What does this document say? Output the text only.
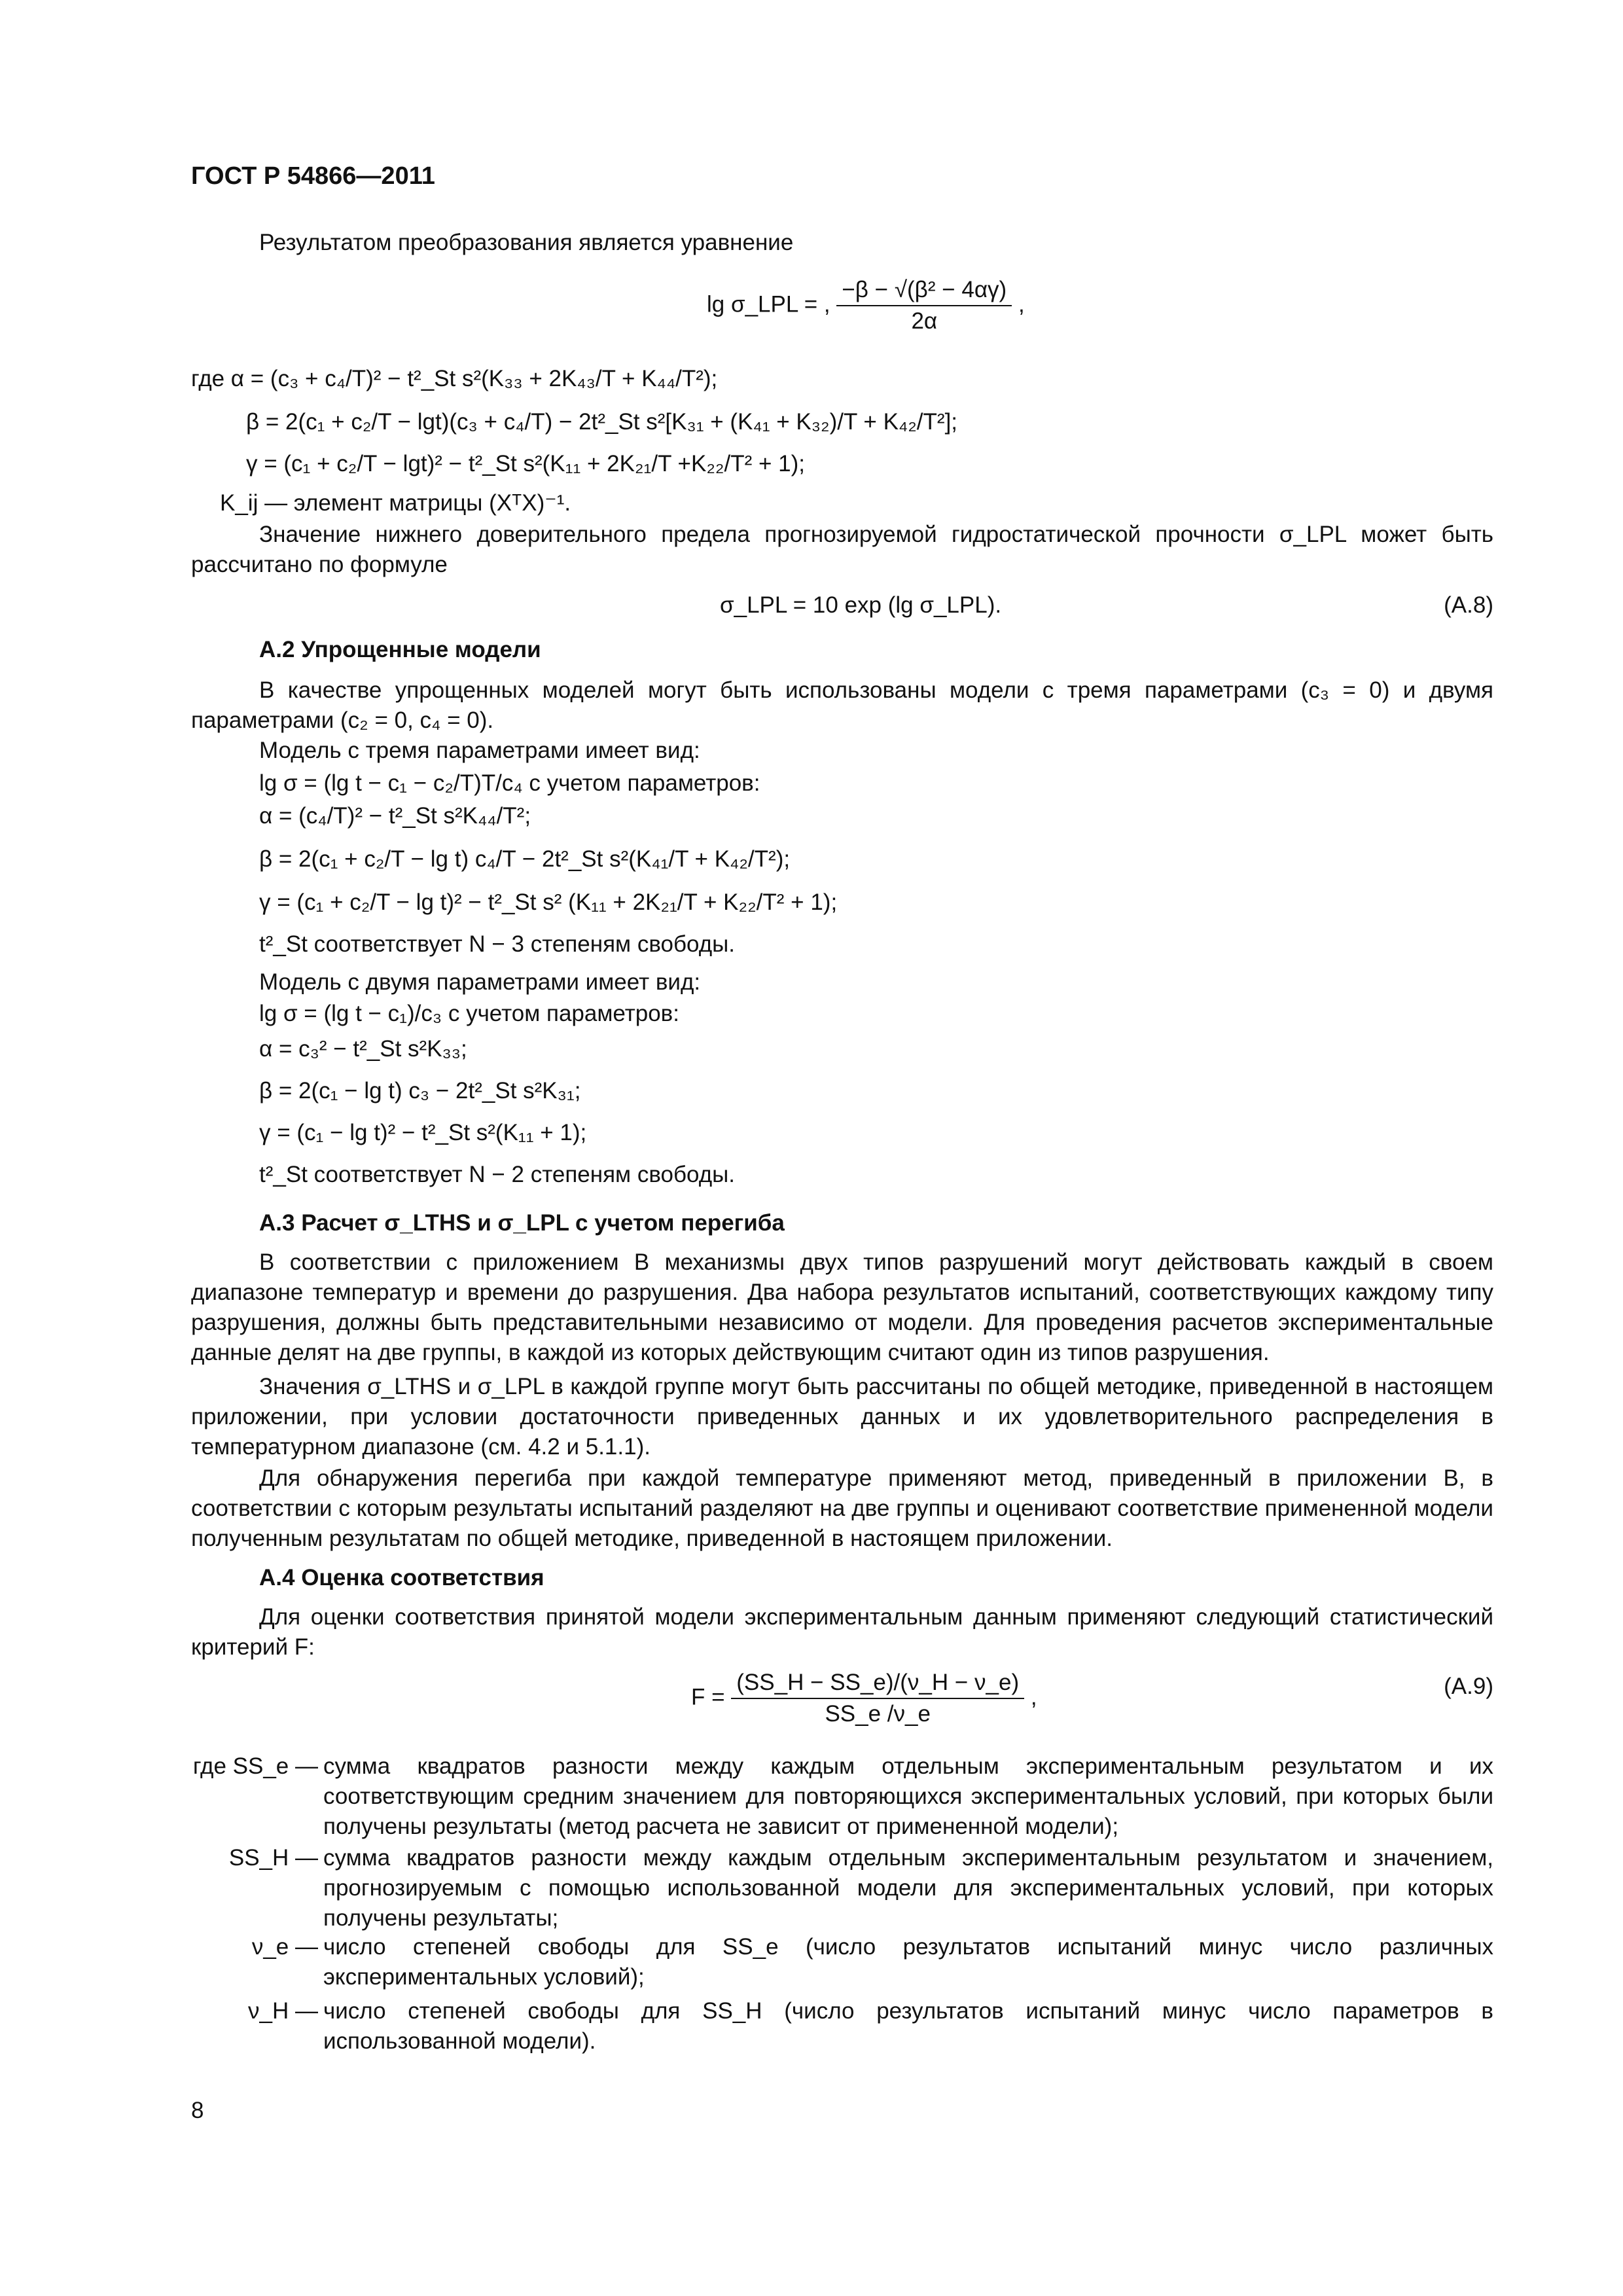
ГОСТ Р 54866—2011
Результатом преобразования является уравнение
lg σ_LPL = , $\frac{\text{−β − √(β² − 4αγ)}}{2\alpha}$ ,
где α = (c₃ + c₄/T)² − t²_St s²(K₃₃ + 2K₄₃/T + K₄₄/T²);
β = 2(c₁ + c₂/T − lgt)(c₃ + c₄/T) − 2t²_St s²[K₃₁ + (K₄₁ + K₃₂)/T + K₄₂/T²];
γ = (c₁ + c₂/T − lgt)² − t²_St s²(K₁₁ + 2K₂₁/T +K₂₂/T² + 1);
K_ij — элемент матрицы (XᵀX)⁻¹.
Значение нижнего доверительного предела прогнозируемой гидростатической прочности σ_LPL может быть рассчитано по формуле
σ_LPL = 10 exp (lg σ_LPL).	(A.8)
А.2 Упрощенные модели
В качестве упрощенных моделей могут быть использованы модели с тремя параметрами (c₃ = 0) и двумя параметрами (c₂ = 0, c₄ = 0).
Модель с тремя параметрами имеет вид:
lg σ = (lg t − c₁ − c₂/T)T/c₄ с учетом параметров:
α = (c₄/T)² − t²_St s²K₄₄/T²;
β = 2(c₁ + c₂/T − lg t) c₄/T − 2t²_St s²(K₄₁/T + K₄₂/T²);
γ = (c₁ + c₂/T − lg t)² − t²_St s² (K₁₁ + 2K₂₁/T + K₂₂/T² + 1);
t²_St соответствует N − 3 степеням свободы.
Модель с двумя параметрами имеет вид:
lg σ = (lg t − c₁)/c₃ с учетом параметров:
α = c₃² − t²_St s²K₃₃;
β = 2(c₁ − lg t) c₃ − 2t²_St s²K₃₁;
γ = (c₁ − lg t)² − t²_St s²(K₁₁ + 1);
t²_St соответствует N − 2 степеням свободы.
А.3 Расчет σ_LTHS и σ_LPL с учетом перегиба
В соответствии с приложением В механизмы двух типов разрушений могут действовать каждый в своем диапазоне температур и времени до разрушения. Два набора результатов испытаний, соответствующих каждому типу разрушения, должны быть представительными независимо от модели. Для проведения расчетов экспериментальные данные делят на две группы, в каждой из которых действующим считают один из типов разрушения.
Значения σ_LTHS и σ_LPL в каждой группе могут быть рассчитаны по общей методике, приведенной в настоящем приложении, при условии достаточности приведенных данных и их удовлетворительного распределения в температурном диапазоне (см. 4.2 и 5.1.1).
Для обнаружения перегиба при каждой температуре применяют метод, приведенный в приложении В, в соответствии с которым результаты испытаний разделяют на две группы и оценивают соответствие примененной модели полученным результатам по общей методике, приведенной в настоящем приложении.
А.4 Оценка соответствия
Для оценки соответствия принятой модели экспериментальным данным применяют следующий статистический критерий F:
$F = \frac{(SS\_H - SS\_e)/(\nu\_H - \nu\_e)}{SS\_e /\nu\_e}$ ,	(A.9)
где SS_e — сумма квадратов разности между каждым отдельным экспериментальным результатом и их соответствующим средним значением для повторяющихся экспериментальных условий, при которых были получены результаты (метод расчета не зависит от примененной модели);
SS_H — сумма квадратов разности между каждым отдельным экспериментальным результатом и значением, прогнозируемым с помощью использованной модели для экспериментальных условий, при которых получены результаты;
ν_e — число степеней свободы для SS_e (число результатов испытаний минус число различных экспериментальных условий);
ν_H — число степеней свободы для SS_H (число результатов испытаний минус число параметров в использованной модели).
8
